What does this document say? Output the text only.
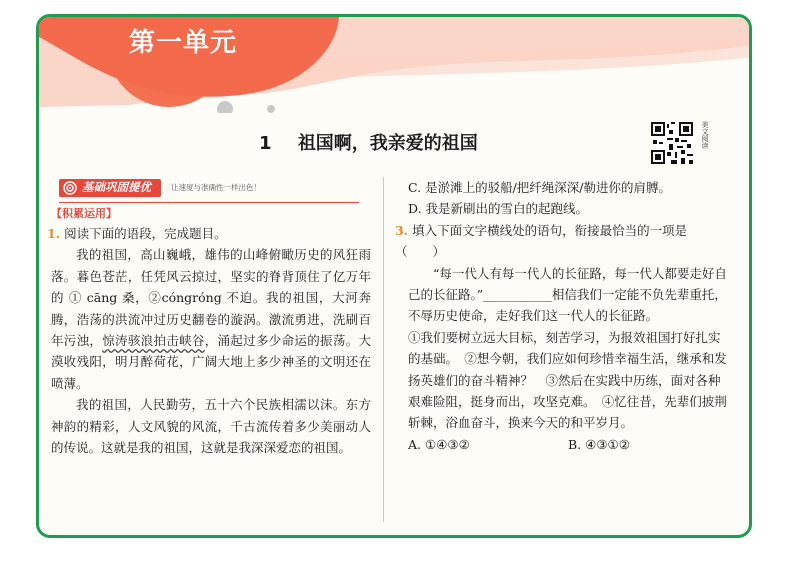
第一单元
1 祖国啊，我亲爱的祖国	美文阅读
基础巩固提优	让速度与准确性一样出色！
【积累运用】

1. 阅读下面的语段，完成题目。

我的祖国，高山巍峨，雄伟的山峰俯瞰历史的风狂雨落。暮色苍茫，任凭风云掠过，坚实的脊背顶住了亿万年的 ① cāng 桑，②cóngróng 不迫。我的祖国，大河奔腾，浩荡的洪流冲过历史翻卷的漩涡。激流勇进，洗刷百年污浊，惊涛骇浪拍击峡谷，涌起过多少命运的振荡。大漠收残阳，明月醉荷花，广阔大地上多少神圣的文明还在喷薄。

我的祖国，人民勤劳，五十六个民族相濡以沫。东方神韵的精彩，人文风貌的风流，千古流传着多少美丽动人的传说。这就是我的祖国，这就是我深深爱恋的祖国。

C. 是淤滩上的驳船/把纤绳深深/勒进你的肩膊。

D. 我是新刷出的雪白的起跑线。

3. 填入下面文字横线处的语句，衔接最恰当的一项是（　　）

“每一代人有每一代人的长征路，每一代人都要走好自己的长征路。”___________相信我们一定能不负先辈重托，不辱历史使命，走好我们这一代人的长征路。

①我们要树立远大目标，刻苦学习，为报效祖国打好扎实的基础。　②想今朝，我们应如何珍惜幸福生活，继承和发扬英雄们的奋斗精神？　③然后在实践中历练，面对各种艰难险阻，挺身而出，攻坚克难。　④忆往昔，先辈们披荆斩棘，浴血奋斗，换来今天的和平岁月。

A. ①④③②	B. ④③①②
